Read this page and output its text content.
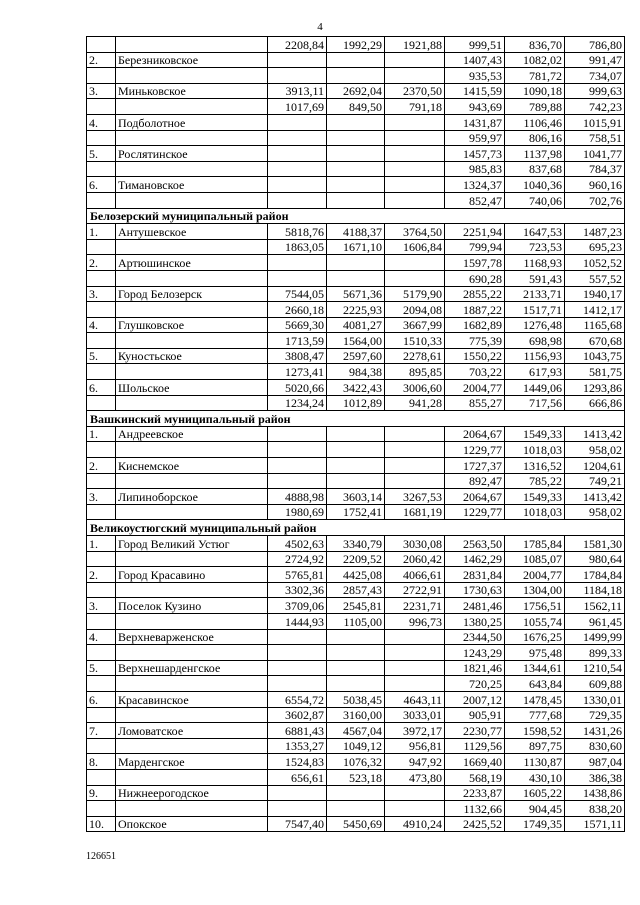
4
		2208,84	1992,29	1921,88	999,51	836,70	786,80
2.	Березниковское				1407,43	1082,02	991,47
					935,53	781,72	734,07
3.	Миньковское	3913,11	2692,04	2370,50	1415,59	1090,18	999,63
		1017,69	849,50	791,18	943,69	789,88	742,23
4.	Подболотное				1431,87	1106,46	1015,91
					959,97	806,16	758,51
5.	Рослятинское				1457,73	1137,98	1041,77
					985,83	837,68	784,37
6.	Тимановское				1324,37	1040,36	960,16
					852,47	740,06	702,76
Белозерский муниципальный район							
1.	Антушевское	5818,76	4188,37	3764,50	2251,94	1647,53	1487,23
		1863,05	1671,10	1606,84	799,94	723,53	695,23
2.	Артюшинское				1597,78	1168,93	1052,52
					690,28	591,43	557,52
3.	Город Белозерск	7544,05	5671,36	5179,90	2855,22	2133,71	1940,17
		2660,18	2225,93	2094,08	1887,22	1517,71	1412,17
4.	Глушковское	5669,30	4081,27	3667,99	1682,89	1276,48	1165,68
		1713,59	1564,00	1510,33	775,39	698,98	670,68
5.	Куностьское	3808,47	2597,60	2278,61	1550,22	1156,93	1043,75
		1273,41	984,38	895,85	703,22	617,93	581,75
6.	Шольское	5020,66	3422,43	3006,60	2004,77	1449,06	1293,86
		1234,24	1012,89	941,28	855,27	717,56	666,86
Вашкинский муниципальный район							
1.	Андреевское				2064,67	1549,33	1413,42
					1229,77	1018,03	958,02
2.	Киснемское				1727,37	1316,52	1204,61
					892,47	785,22	749,21
3.	Липиноборское	4888,98	3603,14	3267,53	2064,67	1549,33	1413,42
		1980,69	1752,41	1681,19	1229,77	1018,03	958,02
Великоустюгский муниципальный район							
1.	Город Великий Устюг	4502,63	3340,79	3030,08	2563,50	1785,84	1581,30
		2724,92	2209,52	2060,42	1462,29	1085,07	980,64
2.	Город Красавино	5765,81	4425,08	4066,61	2831,84	2004,77	1784,84
		3302,36	2857,43	2722,91	1730,63	1304,00	1184,18
3.	Поселок Кузино	3709,06	2545,81	2231,71	2481,46	1756,51	1562,11
		1444,93	1105,00	996,73	1380,25	1055,74	961,45
4.	Верхневарженское				2344,50	1676,25	1499,99
					1243,29	975,48	899,33
5.	Верхнешарденгское				1821,46	1344,61	1210,54
					720,25	643,84	609,88
6.	Красавинское	6554,72	5038,45	4643,11	2007,12	1478,45	1330,01
		3602,87	3160,00	3033,01	905,91	777,68	729,35
7.	Ломоватское	6881,43	4567,04	3972,17	2230,77	1598,52	1431,26
		1353,27	1049,12	956,81	1129,56	897,75	830,60
8.	Марденгское	1524,83	1076,32	947,92	1669,40	1130,87	987,04
		656,61	523,18	473,80	568,19	430,10	386,38
9.	Нижнеерогодское				2233,87	1605,22	1438,86
					1132,66	904,45	838,20
10.	Опокское	7547,40	5450,69	4910,24	2425,52	1749,35	1571,11
126651
